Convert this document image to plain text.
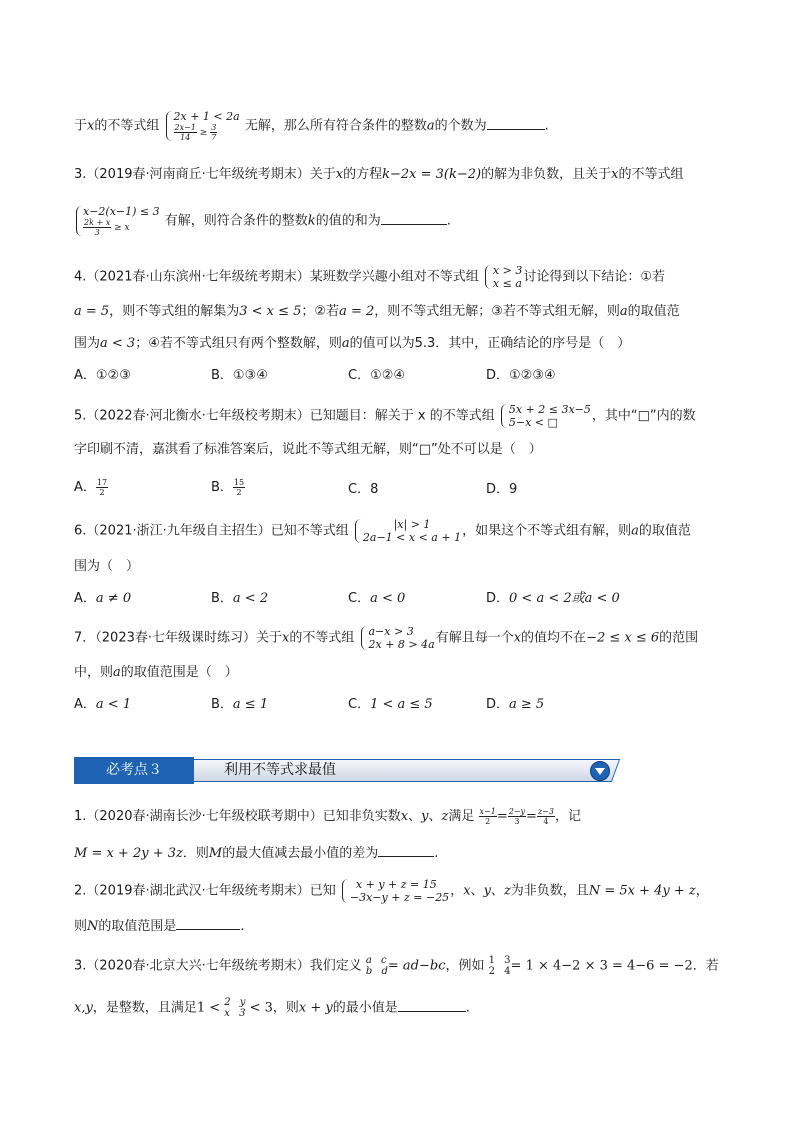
于x的不等式组
2x + 1 < 2a
$\frac{2x-1}{14} \ge \frac{3}{7}$ 无解，那么所有符合条件的整数a的个数为	.
3.（2019春·河南商丘·七年级统考期末）关于x的方程k−2x = 3(k−2)的解为非负数，且关于x的不等式组
x−2(x−1) ≤ 3
$\frac{2k + x}{3} \ge x$	有解，则符合条件的整数k的值的和为	.
4.（2021春·山东滨州·七年级统考期末）某班数学兴趣小组对不等式组 x > 3
x ≤ a 讨论得到以下结论：①若
a = 5，则不等式组的解集为3 < x ≤ 5；②若a = 2，则不等式组无解；③若不等式组无解，则a的取值范
围为a < 3；④若不等式组只有两个整数解，则a的值可以为5.3．其中，正确结论的序号是（　）
A．①②③	B．①③④	C．①②④	D．①②③④
5.（2022春·河北衡水·七年级校考期末）已知题目：解关于 x 的不等式组 5x + 2 ≤ 3x−5
5−x < □	，其中“□”内的数
字印刷不清，嘉淇看了标准答案后，说此不等式组无解，则“□”处不可以是（　）
A． $\frac{17}{2}$	B． $\frac{15}{2}$	C．8	D．9
6.（2021·浙江·九年级自主招生）已知不等式组	|x| > 1
2a−1 < x < a + 1 ，如果这个不等式组有解，则a的取值范
围为（　）
A．a ≠ 0	B．a < 2	C．a < 0	D．0 < a < 2或a < 0
7．（2023春·七年级课时练习）关于x的不等式组 a−x > 3
2x + 8 > 4a 有解且每一个x的值均不在−2 ≤ x ≤ 6的范围
中，则a的取值范围是（　）
A．a < 1	B．a ≤ 1	C．1 < a ≤ 5	D．a ≥ 5
必考点３	利用不等式求最值
1.（2020春·湖南长沙·七年级校联考期中）已知非负实数x、y、z满足 $\frac{x-1}{2} = \frac{2-y}{3} = \frac{z-3}{4}$ ，记
M = x + 2y + 3z．则M的最大值减去最小值的差为	.
2.（2019春·湖北武汉·七年级统考期末）已知	x + y + z = 15
−3x−y + z = −25 ，x、y、z为非负数，且N = 5x + 4y + z，
则N的取值范围是	.
3.（2020春·北京大兴·七年级统考期末）我们定义 a c
b d = ad−bc，例如 1 3
2 4 = 1 × 4−2 × 3 = 4−6 = −2．若
x,y，是整数，且满足1 < 2 y
x 3 < 3，则x + y的最小值是	.
